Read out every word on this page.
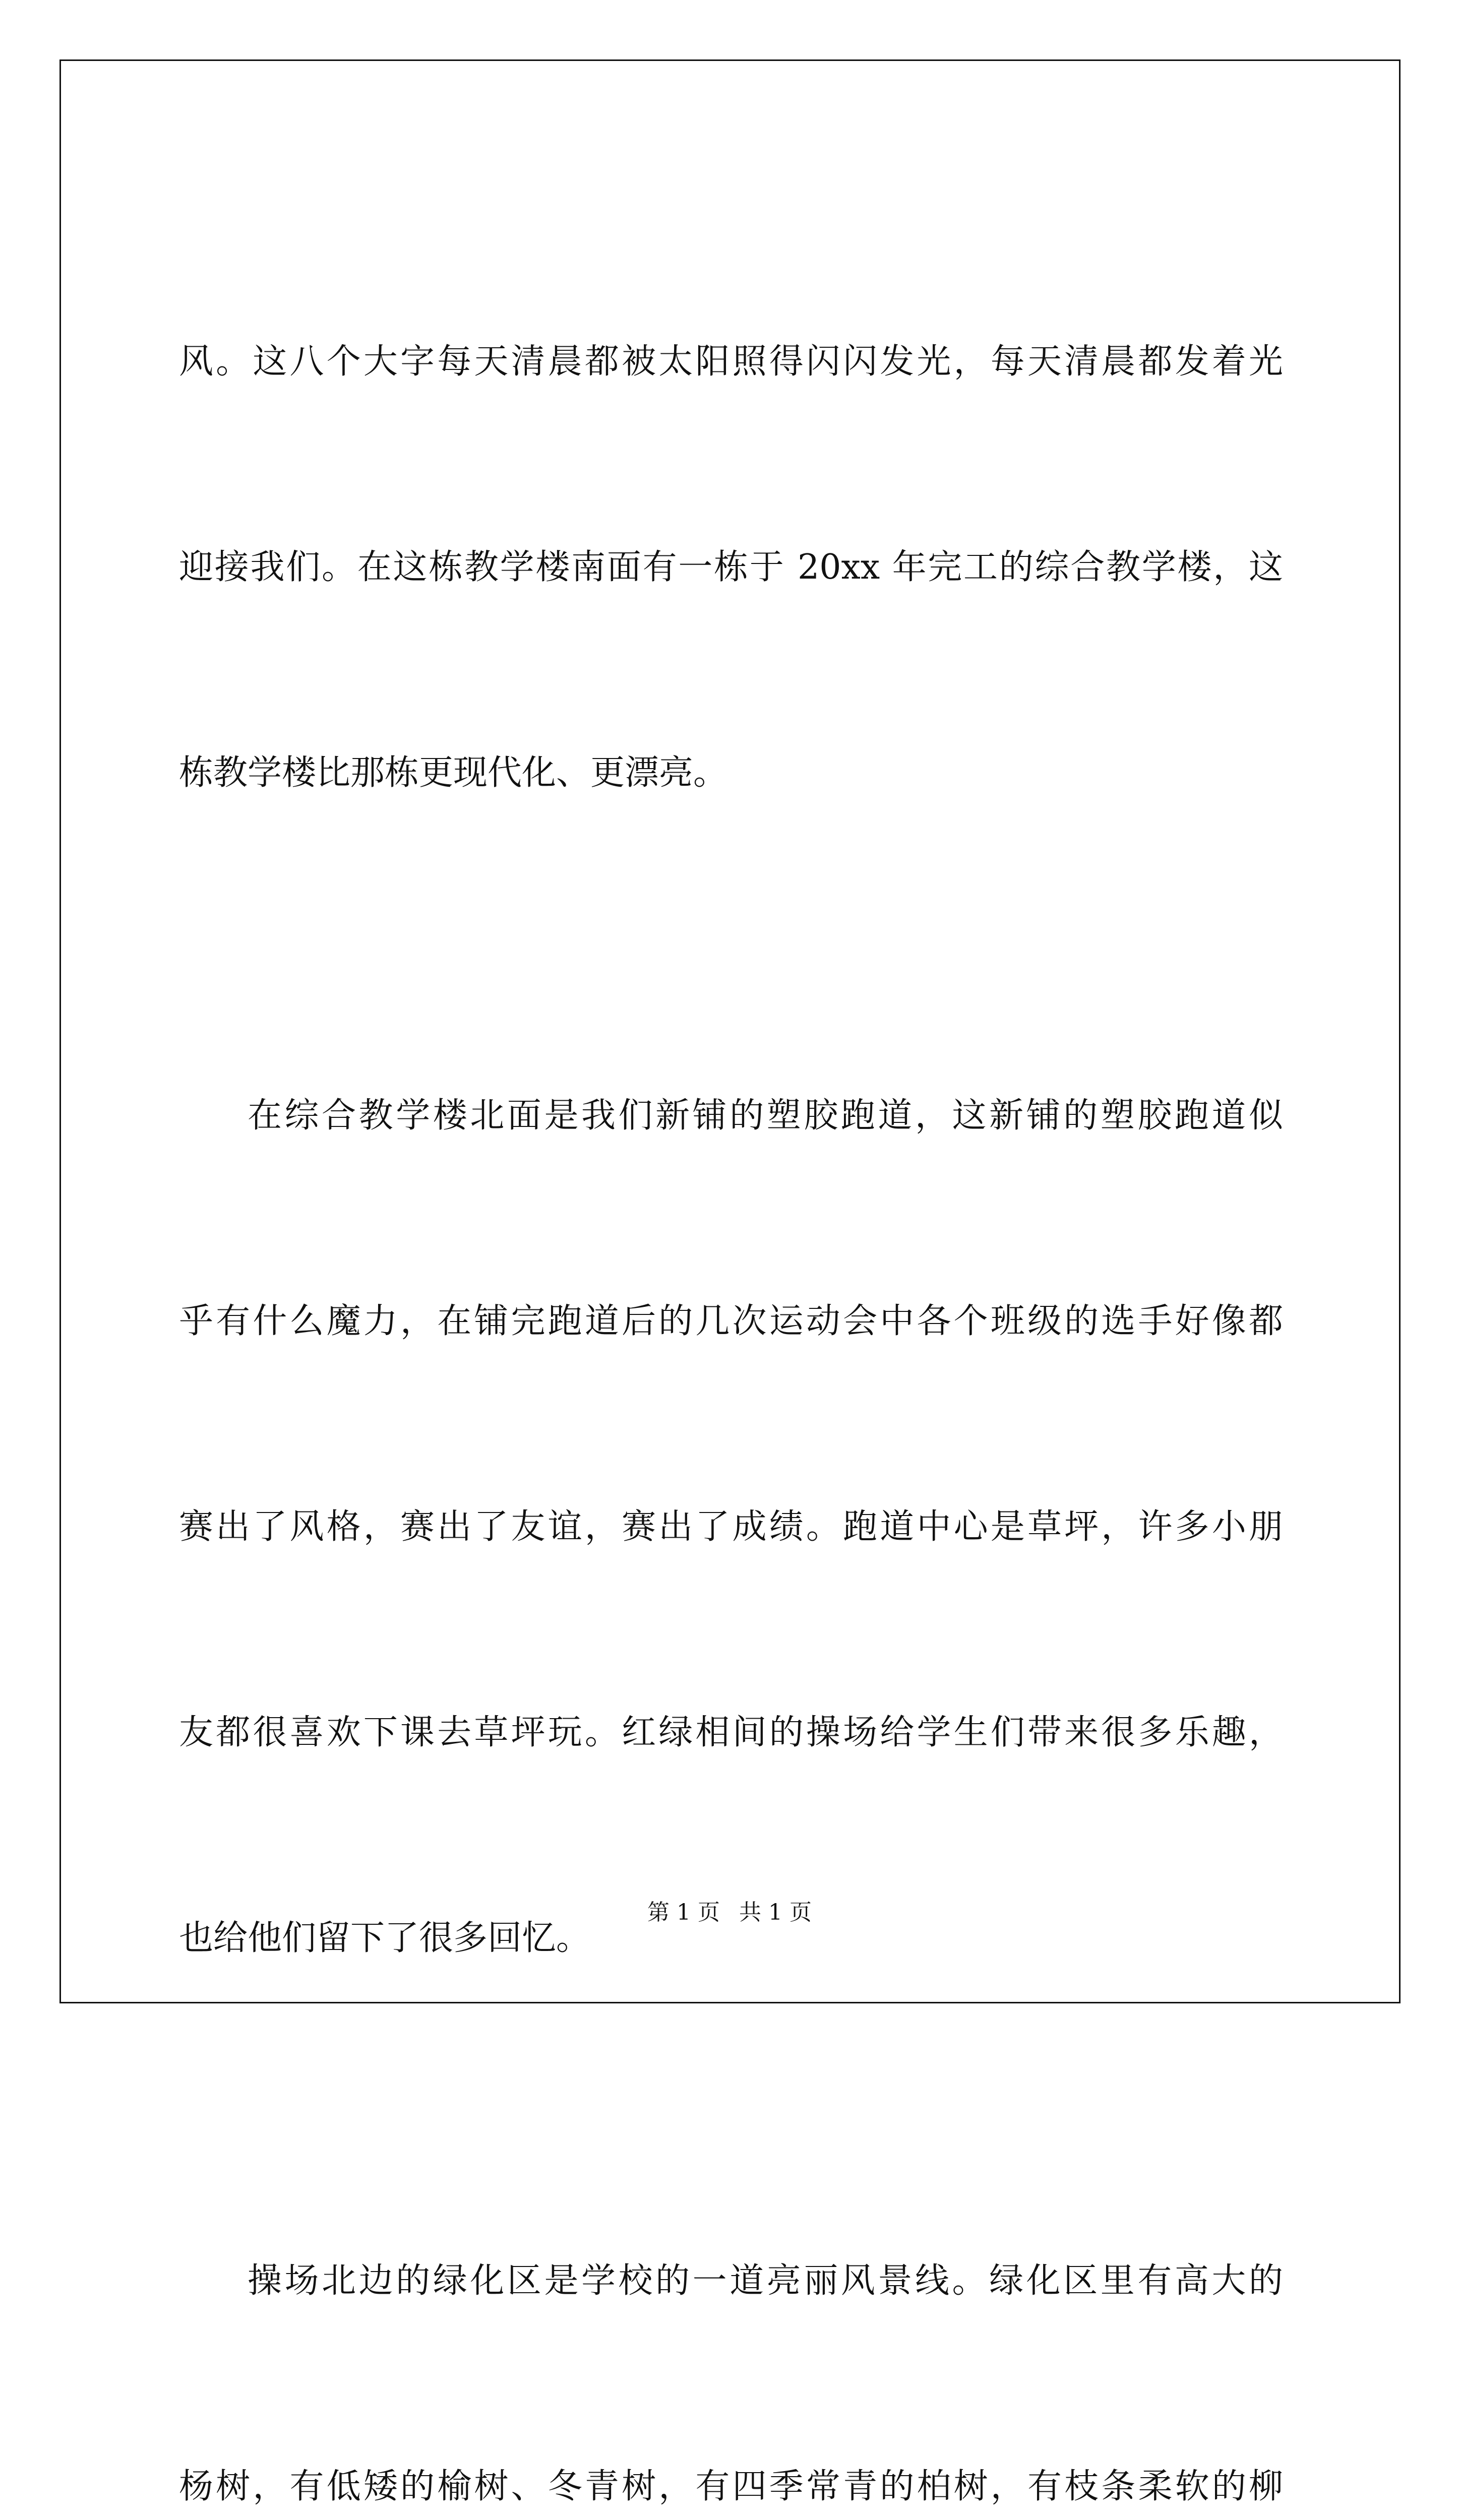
风。这八个大字每天清晨都被太阳照得闪闪发光，每天清晨都发着光

迎接我们。在这栋教学楼南面有一栋于 20xx 年完工的综合教学楼，这

栋教学楼比那栋更现代化、更漂亮。

在综合教学楼北面是我们新铺的塑胶跑道，这新铺的塑胶跑道似

乎有什么魔力，在铺完跑道后的几次运动会中各个班级的选手好像都

赛出了风格，赛出了友谊，赛出了成绩。跑道中心是草坪，许多小朋

友都很喜欢下课去草坪玩。红绿相间的操场给学生们带来很多乐趣，

也给他们留下了很多回忆。

操场北边的绿化区是学校的一道亮丽风景线。绿化区里有高大的

杨树，有低矮的榆树、冬青树，有四季常青的柏树，有枝条柔软的柳

第 1 页 共 1 页
